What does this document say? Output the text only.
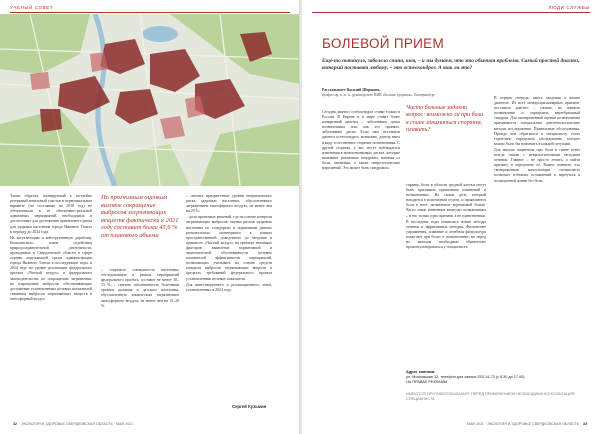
УЧЕНЫЙ СОВЕТ

Таким образом, планируемый к застройке резервный земельный участок в первоначальном варианте (по состоянию на 2018 год) не обеспечивали в ее объективно-реальной адекватных мероприятий, необходимых и достаточных для достижения приемлемого риска для здоровья населения города Нижнего Тагила к периоду до 2024 года.

На актуализацию и конструктивную доработку Комплексного плана содействия природоохранительной деятельности, проводимых в Свердловской области в сфере охраны окружающей среды администрации города Нижнего Тагила в последующие годы, в 2024 году на уровне реализации федерального проекта «Чистый воздух» и федерального законодательства по сокращению загрязнения, по сокращению выбросов, обеспечивающих достижение установленных целевых показателей снижения выбросов загрязняющих веществ в атмосферный воздух.

По прогнозным оценкам валовое сокращение выбросов загрязняющих веществ фактически к 2021 году составит более 45,6 % от планового объема
– сократить совокупность населения, обследованную в рамках мероприятий федерального проекта, составит не менее 10–15 %; – снизить заболеваемость болезнями органов дыхания и детского населения, обусловленную химическим загрязнением атмосферного воздуха, не менее чем на 15–20 %.

– снизить приоритетные уровни неприемлемого риска здоровью населения, обусловленного загрязнением атмосферного воздуха, не менее чем на 20 %;

– доля проектных решений, где на основе контроля загрязняющих выбросов; оценка рисков здоровью населения по стандартам и нормативам данных регионального мониторинга в рамках пространственной, доведенного до сведения и принятого «Чистый воздух» на примере значимых факторов; выявление нормативной и экономической обоснованности целевых показателей эффективности мероприятий, позволяющих учитывать на основе средств контроля выбросов загрязняющих веществ в пределах требований федерального проекта установленные целевые показатели.

Для инвестиционного и реализационного этапа, установленных в 2024 году.

Сергей Кузьмин
32 ЭКОЛОГИЯ И ЗДОРОВЬЕ СВЕРДЛОВСКАЯ ОБЛАСТЬ · МАЙ 2021
ЛЮДИ СЛУЖБЫ
БОЛЕВОЙ ПРИЕМ
Еще-то потянуло, заболела спина, шея, – и мы думаем, что это обычная проблема. Самый простой диагноз, который поставят любому, – это остеохондроз. А так ли это?
Рассказывает Василий Шершнев,
профессор, к. м. н., руководитель НИИ «Больше здоровья», Екатеринбург

Сегодня диагноз остеохондроз ставят только в России. В Европе и в мире ставят более конкретный диагноз – заболевание диска позвоночника или, как это принято, заболевание диска. Если нам поставили диагноз остеохондроз, возможно, доктор имел в виду естественное старение позвоночника. С другой стороны, у вас могут наблюдаться изменения в межпозвонковых дисках, которые вызывают различные синдромы, начиная от боли, онемения, а также неврологических нарушений. Это может быть синдромом.

Часто больные задают вопрос: возможно ли при боли в спине заниматься спортом, плавать?

справку, боли в области грудной клетки могут быть признаком проявления изменений в позвоночнике. На самом деле, который находится в поясничном отделе, и проявляются боли в ноге, называемые корешковой болью. Часто такие изменения нагрузки позвоночника – и это только одна причина, а не единственная.

В последние годы появились новые методы лечения и эффективных методик. Физические упражнения, плавание и лечебная физкультура помогают при болях в позвоночнике, но перед их началом необходимо обязательно проконсультироваться у специалиста.

В первую очередь, иметь сведения о вашем диагнозе. Из всех междисциплинарных приемов, поставить диагноз – сложно, но оценить позвоночник и определить вертебральный синдром. Для своевременной оценки позвоночника применяются специальные рентгенологические методы исследования. Правильные обследования. Прежде чем обратиться к специалисту, стоит тщательно определить обследование, которое можно было бы назначить в каждой ситуации.

Для многих пациентов при боли в спине ответ всегда связан с неврологическими методами лечения. Главное – не просто лечить, а найти причину и определить ее. Важно помнить, что своевременная консультация специалиста позволяет избежать осложнений и вернуться к полноценной жизни без боли.

Адрес клиники:
ул. Московская 12, телефон для записи 253-14-73 (с 8.30 до 17.00)
НА ПРАВАХ РЕКЛАМЫ
ИМЕЮТСЯ ПРОТИВОПОКАЗАНИЯ. ПЕРЕД ПРИМЕНЕНИЕМ НЕОБХОДИМА КОНСУЛЬТАЦИЯ СПЕЦИАЛИСТА
МАЙ 2021 · ЭКОЛОГИЯ И ЗДОРОВЬЕ СВЕРДЛОВСКАЯ ОБЛАСТЬ 33
